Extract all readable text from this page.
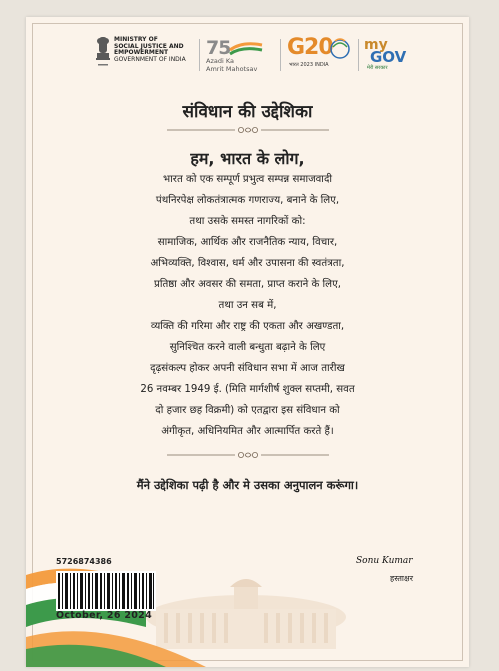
MINISTRY OF
SOCIAL JUSTICE AND
EMPOWERMENT
GOVERNMENT OF INDIA
75
Azadi Ka
Amrit Mahotsav
G20
भारत 2023 INDIA
my
GOV
मेरी सरकार
संविधान की उद्देशिका
हम, भारत के लोग,
भारत को एक सम्पूर्ण प्रभुत्व सम्पन्न समाजवादी
पंथनिरपेक्ष लोकतंत्रात्मक गणराज्य, बनाने के लिए,
तथा उसके समस्त नागरिकों को:
सामाजिक, आर्थिक और राजनैतिक न्याय, विचार,
अभिव्यक्ति, विश्वास, धर्म और उपासना की स्वतंत्रता,
प्रतिष्ठा और अवसर की समता, प्राप्त कराने के लिए,
तथा उन सब में,
व्यक्ति की गरिमा और राष्ट्र की एकता और अखण्डता,
सुनिश्चित करने वाली बन्धुता बढ़ाने के लिए
दृढ़संकल्प होकर अपनी संविधान सभा में आज तारीख
26 नवम्बर 1949 ई. (मिति मार्गशीर्ष शुक्ल सप्तमी, सवत
दो हजार छह विक्रमी) को एतद्वारा इस संविधान को
अंगीकृत, अधिनियमित और आत्मार्पित करते हैं।
मैंने उद्देशिका पढ़ी है और मे उसका अनुपालन करूंगा।
5726874386
October, 26 2024
Sonu Kumar
हस्ताक्षर
